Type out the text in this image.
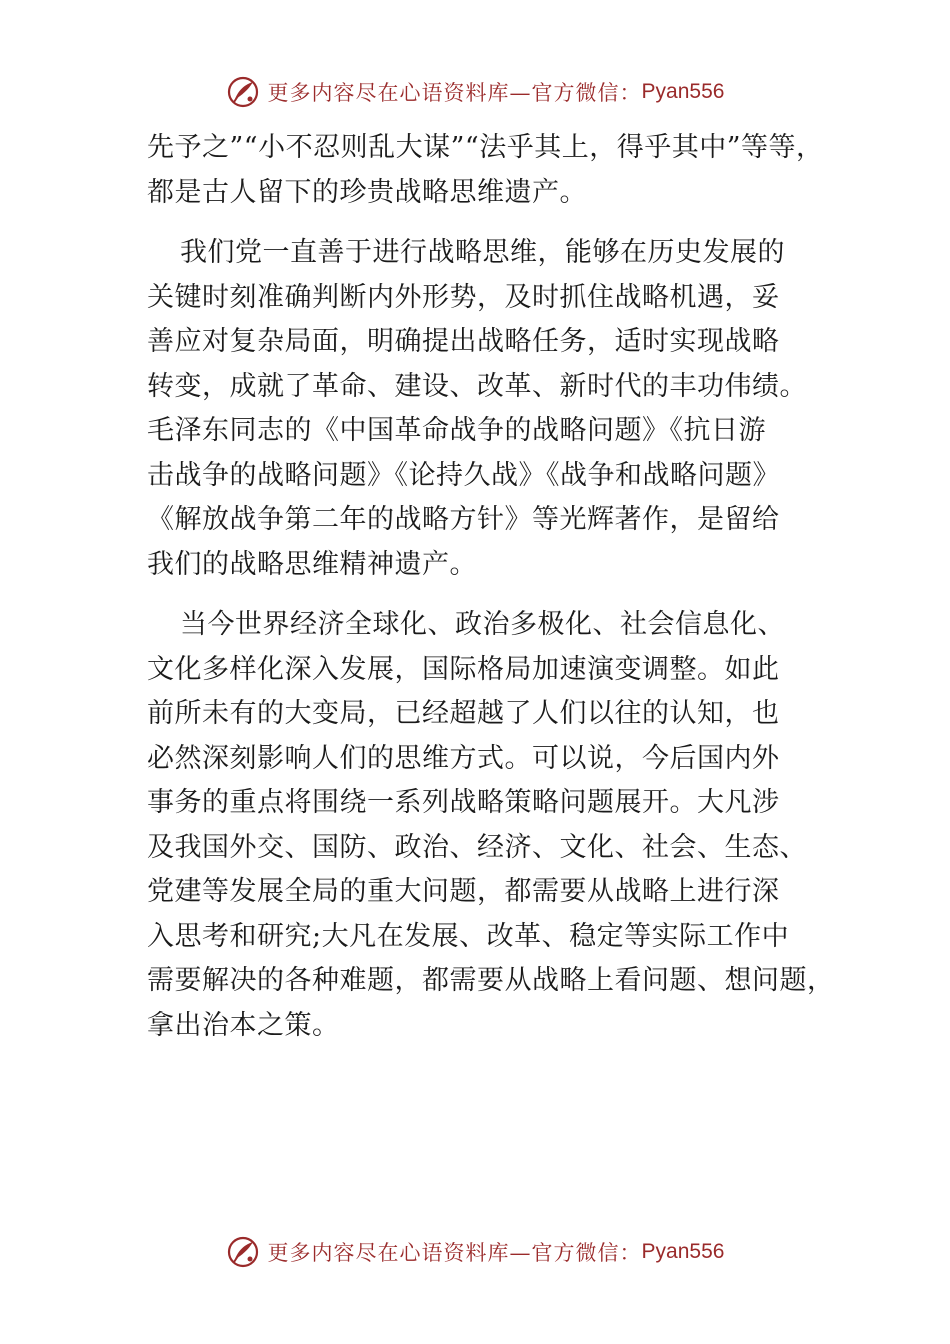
更多内容尽在心语资料库—官方微信： Pyan556
先予之”“小不忍则乱大谋”“法乎其上，得乎其中”等等，
都是古人留下的珍贵战略思维遗产。
我们党一直善于进行战略思维，能够在历史发展的
关键时刻准确判断内外形势，及时抓住战略机遇，妥
善应对复杂局面，明确提出战略任务，适时实现战略
转变，成就了革命、建设、改革、新时代的丰功伟绩。
毛泽东同志的《中国革命战争的战略问题》《抗日游
击战争的战略问题》《论持久战》《战争和战略问题》
《解放战争第二年的战略方针》等光辉著作，是留给
我们的战略思维精神遗产。
当今世界经济全球化、政治多极化、社会信息化、
文化多样化深入发展，国际格局加速演变调整。如此
前所未有的大变局，已经超越了人们以往的认知，也
必然深刻影响人们的思维方式。可以说，今后国内外
事务的重点将围绕一系列战略策略问题展开。大凡涉
及我国外交、国防、政治、经济、文化、社会、生态、
党建等发展全局的重大问题，都需要从战略上进行深
入思考和研究;大凡在发展、改革、稳定等实际工作中
需要解决的各种难题，都需要从战略上看问题、想问题，
拿出治本之策。
更多内容尽在心语资料库—官方微信： Pyan556
